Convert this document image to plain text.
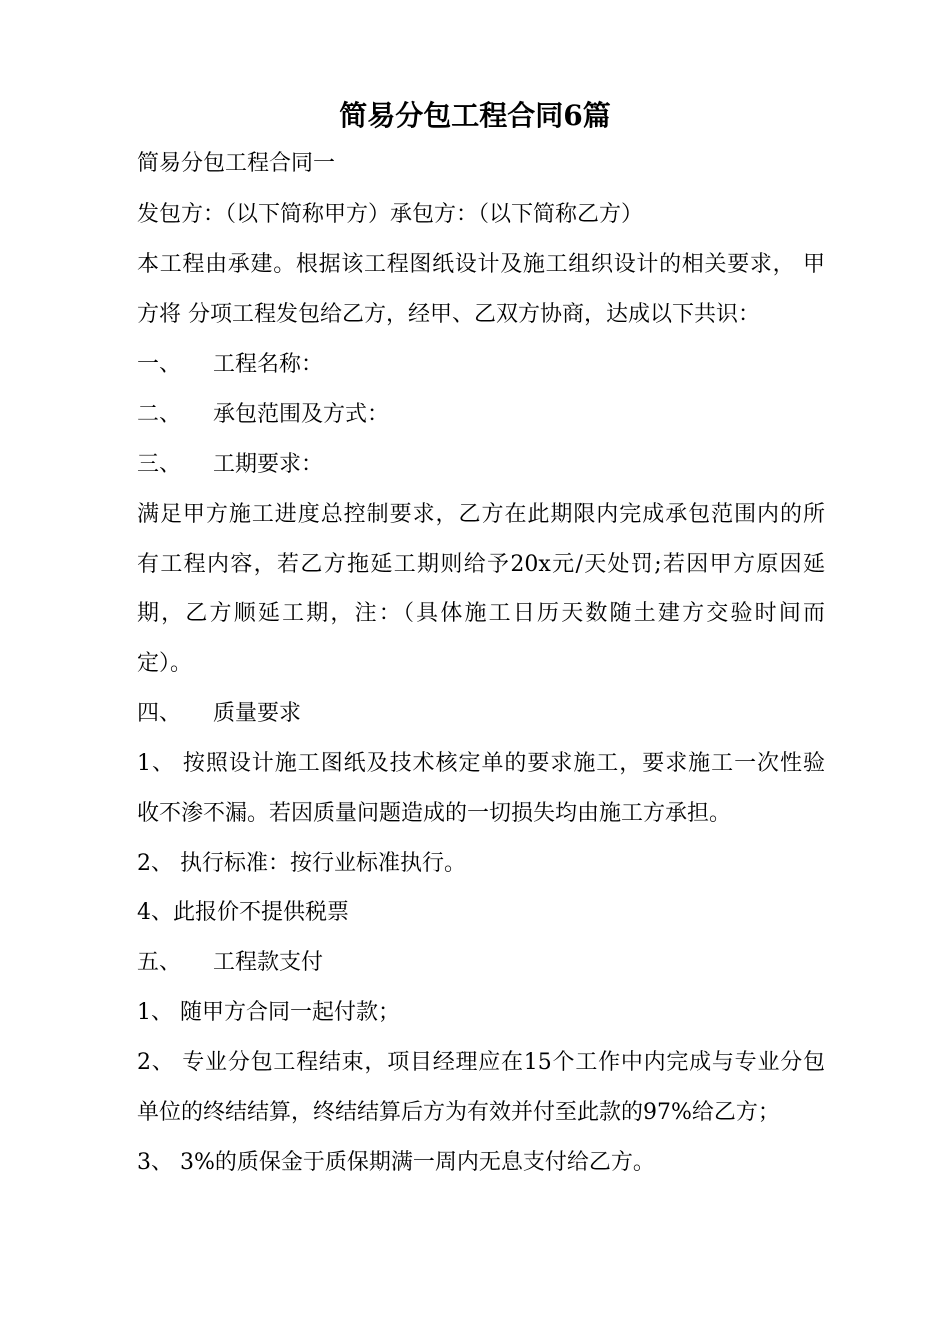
简易分包工程合同6篇
简易分包工程合同一
发包方：（以下简称甲方）承包方：（以下简称乙方）
本工程由承建。根据该工程图纸设计及施工组织设计的相关要求， 甲
方将 分项工程发包给乙方，经甲、乙双方协商，达成以下共识：
一、 工程名称：
二、 承包范围及方式：
三、 工期要求：
满足甲方施工进度总控制要求，乙方在此期限内完成承包范围内的所
有工程内容，若乙方拖延工期则给予20x元/天处罚;若因甲方原因延
期，乙方顺延工期，注：（具体施工日历天数随土建方交验时间而
定）。
四、 质量要求
1、 按照设计施工图纸及技术核定单的要求施工，要求施工一次性验
收不渗不漏。若因质量问题造成的一切损失均由施工方承担。
2、 执行标准：按行业标准执行。
4、此报价不提供税票
五、 工程款支付
1、 随甲方合同一起付款；
2、 专业分包工程结束，项目经理应在15个工作中内完成与专业分包
单位的终结结算，终结结算后方为有效并付至此款的97%给乙方；
3、 3%的质保金于质保期满一周内无息支付给乙方。
